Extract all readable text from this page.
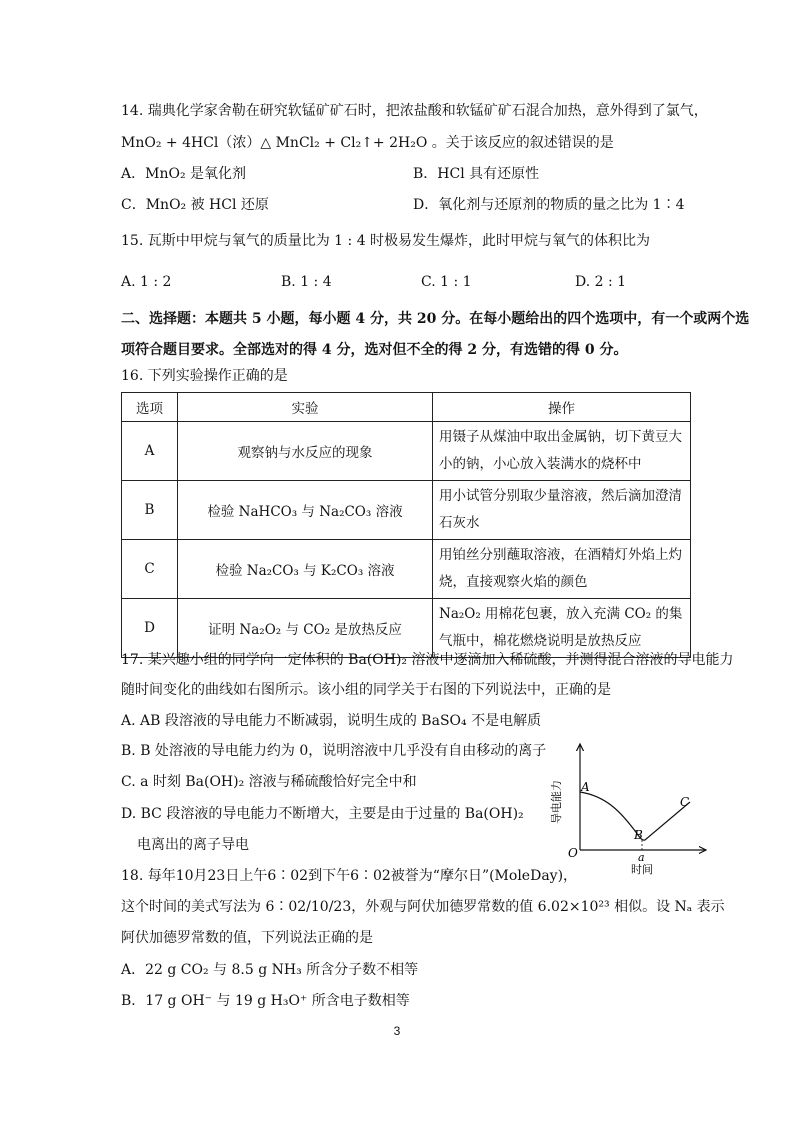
14. 瑞典化学家舍勒在研究软锰矿矿石时，把浓盐酸和软锰矿矿石混合加热，意外得到了氯气，
MnO₂ + 4HCl（浓）△ MnCl₂ + Cl₂↑+ 2H₂O 。关于该反应的叙述错误的是
A．MnO₂ 是氧化剂	B．HCl 具有还原性
C．MnO₂ 被 HCl 还原	D．氧化剂与还原剂的物质的量之比为 1∶4
15. 瓦斯中甲烷与氧气的质量比为 1 : 4 时极易发生爆炸，此时甲烷与氧气的体积比为
A. 1 : 2	B. 1 : 4	C. 1 : 1	D. 2 : 1
二、选择题：本题共 5 小题，每小题 4 分，共 20 分。在每小题给出的四个选项中，有一个或两个选
项符合题目要求。全部选对的得 4 分，选对但不全的得 2 分，有选错的得 0 分。
16. 下列实验操作正确的是
选项	实验	操作
A	观察钠与水反应的现象	用镊子从煤油中取出金属钠，切下黄豆大小的钠，小心放入装满水的烧杯中
B	检验 NaHCO₃ 与 Na₂CO₃ 溶液	用小试管分别取少量溶液，然后滴加澄清石灰水
C	检验 Na₂CO₃ 与 K₂CO₃ 溶液	用铂丝分别蘸取溶液，在酒精灯外焰上灼烧，直接观察火焰的颜色
D	证明 Na₂O₂ 与 CO₂ 是放热反应	Na₂O₂ 用棉花包裹，放入充满 CO₂ 的集气瓶中，棉花燃烧说明是放热反应
17. 某兴趣小组的同学向一定体积的 Ba(OH)₂ 溶液中逐滴加入稀硫酸，并测得混合溶液的导电能力
随时间变化的曲线如右图所示。该小组的同学关于右图的下列说法中，正确的是
A. AB 段溶液的导电能力不断减弱，说明生成的 BaSO₄ 不是电解质
B. B 处溶液的导电能力约为 0，说明溶液中几乎没有自由移动的离子
C. a 时刻 Ba(OH)₂ 溶液与稀硫酸恰好完全中和
D. BC 段溶液的导电能力不断增大，主要是由于过量的 Ba(OH)₂
电离出的离子导电
导电能力 A
B
C
O	a
时间
18. 每年10月23日上午6∶02到下午6∶02被誉为“摩尔日”(MoleDay)，
这个时间的美式写法为 6∶02/10/23，外观与阿伏加德罗常数的值 6.02×10²³ 相似。设 Nₐ 表示
阿伏加德罗常数的值，下列说法正确的是
A．22 g CO₂ 与 8.5 g NH₃ 所含分子数不相等
B．17 g OH⁻ 与 19 g H₃O⁺ 所含电子数相等
3
